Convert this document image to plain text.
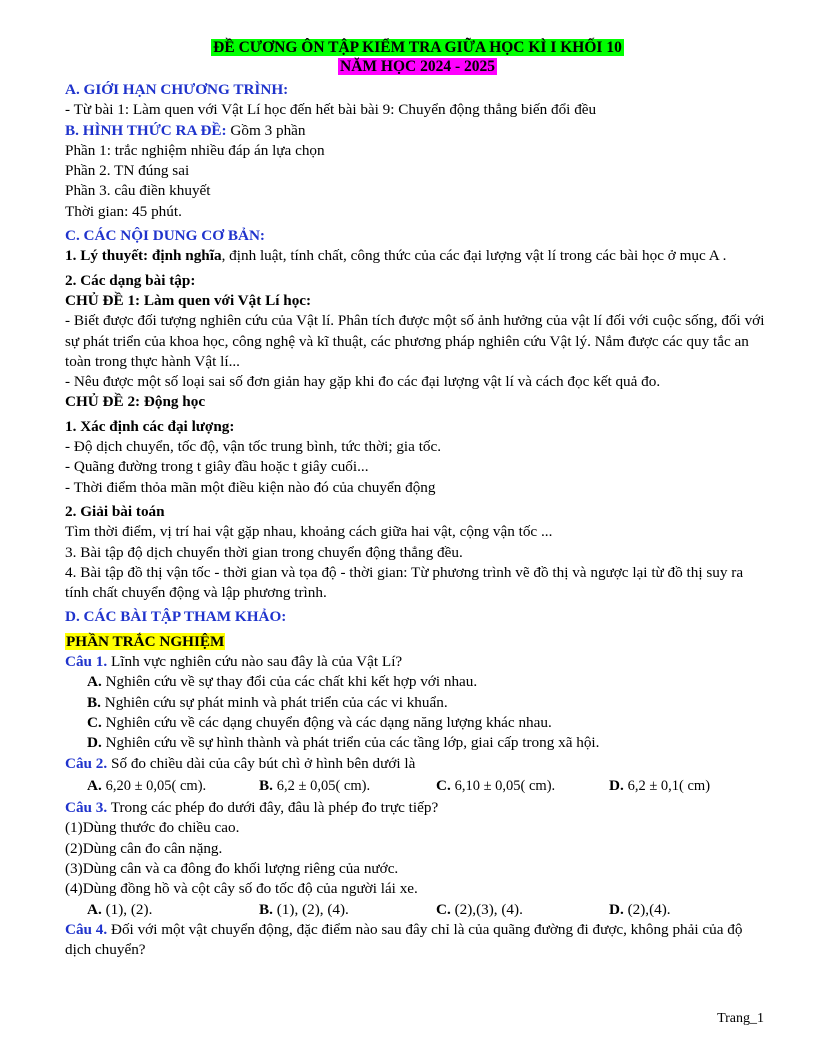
ĐỀ CƯƠNG ÔN TẬP KIỂM TRA GIỮA HỌC KÌ I KHỐI 10
NĂM HỌC 2024 - 2025
A. GIỚI HẠN CHƯƠNG TRÌNH:
- Từ bài 1: Làm quen với Vật Lí học đến hết bài bài 9: Chuyển động thẳng biến đổi đều
B. HÌNH THỨC RA ĐỀ: Gồm 3 phần
Phần 1: trắc nghiệm nhiều đáp án lựa chọn
Phần 2. TN đúng sai
Phần 3. câu điền khuyết
Thời gian: 45 phút.
C. CÁC NỘI DUNG CƠ BẢN:
1. Lý thuyết: định nghĩa, định luật, tính chất, công thức của các đại lượng vật lí trong các bài học ở mục A .
2. Các dạng bài tập:
CHỦ ĐỀ 1: Làm quen với Vật Lí học:
- Biết được đối tượng nghiên cứu của Vật lí. Phân tích được một số ảnh hưởng của vật lí đối với cuộc sống, đối với sự phát triển của khoa học, công nghệ và kĩ thuật, các phương pháp nghiên cứu Vật lý. Nắm được các quy tắc an toàn trong thực hành Vật lí...
- Nêu được một số loại sai số đơn giản hay gặp khi đo các đại lượng vật lí và cách đọc kết quả đo.
CHỦ ĐỀ 2: Động học
1. Xác định các đại lượng:
- Độ dịch chuyển, tốc độ, vận tốc trung bình, tức thời; gia tốc.
- Quãng đường trong t giây đầu hoặc t giây cuối...
- Thời điểm thỏa mãn một điều kiện nào đó của chuyển động
2. Giải bài toán
Tìm thời điểm, vị trí hai vật gặp nhau, khoảng cách giữa hai vật, cộng vận tốc ...
3. Bài tập độ dịch chuyển thời gian trong chuyển động thẳng đều.
4. Bài tập đồ thị vận tốc - thời gian và tọa độ - thời gian: Từ phương trình vẽ đồ thị và ngược lại từ đồ thị suy ra tính chất chuyển động và lập phương trình.
D. CÁC BÀI TẬP THAM KHẢO:
PHẦN TRẮC NGHIỆM
Câu 1. Lĩnh vực nghiên cứu nào sau đây là của Vật Lí?
A. Nghiên cứu về sự thay đổi của các chất khi kết hợp với nhau.
B. Nghiên cứu sự phát minh và phát triển của các vi khuẩn.
C. Nghiên cứu về các dạng chuyển động và các dạng năng lượng khác nhau.
D. Nghiên cứu về sự hình thành và phát triển của các tầng lớp, giai cấp trong xã hội.
Câu 2. Số đo chiều dài của cây bút chì ở hình bên dưới là
A. 6,20 ± 0,05( cm).	B. 6,2 ± 0,05( cm).	C. 6,10 ± 0,05( cm).	D. 6,2 ± 0,1( cm)
Câu 3. Trong các phép đo dưới đây, đâu là phép đo trực tiếp?
(1)Dùng thước đo chiều cao.
(2)Dùng cân đo cân nặng.
(3)Dùng cân và ca đông đo khối lượng riêng của nước.
(4)Dùng đồng hồ và cột cây số đo tốc độ của người lái xe.
A. (1), (2).	B. (1), (2), (4).	C. (2),(3), (4).	D. (2),(4).
Câu 4. Đối với một vật chuyển động, đặc điểm nào sau đây chỉ là của quãng đường đi được, không phải của độ dịch chuyển?
Trang_1
